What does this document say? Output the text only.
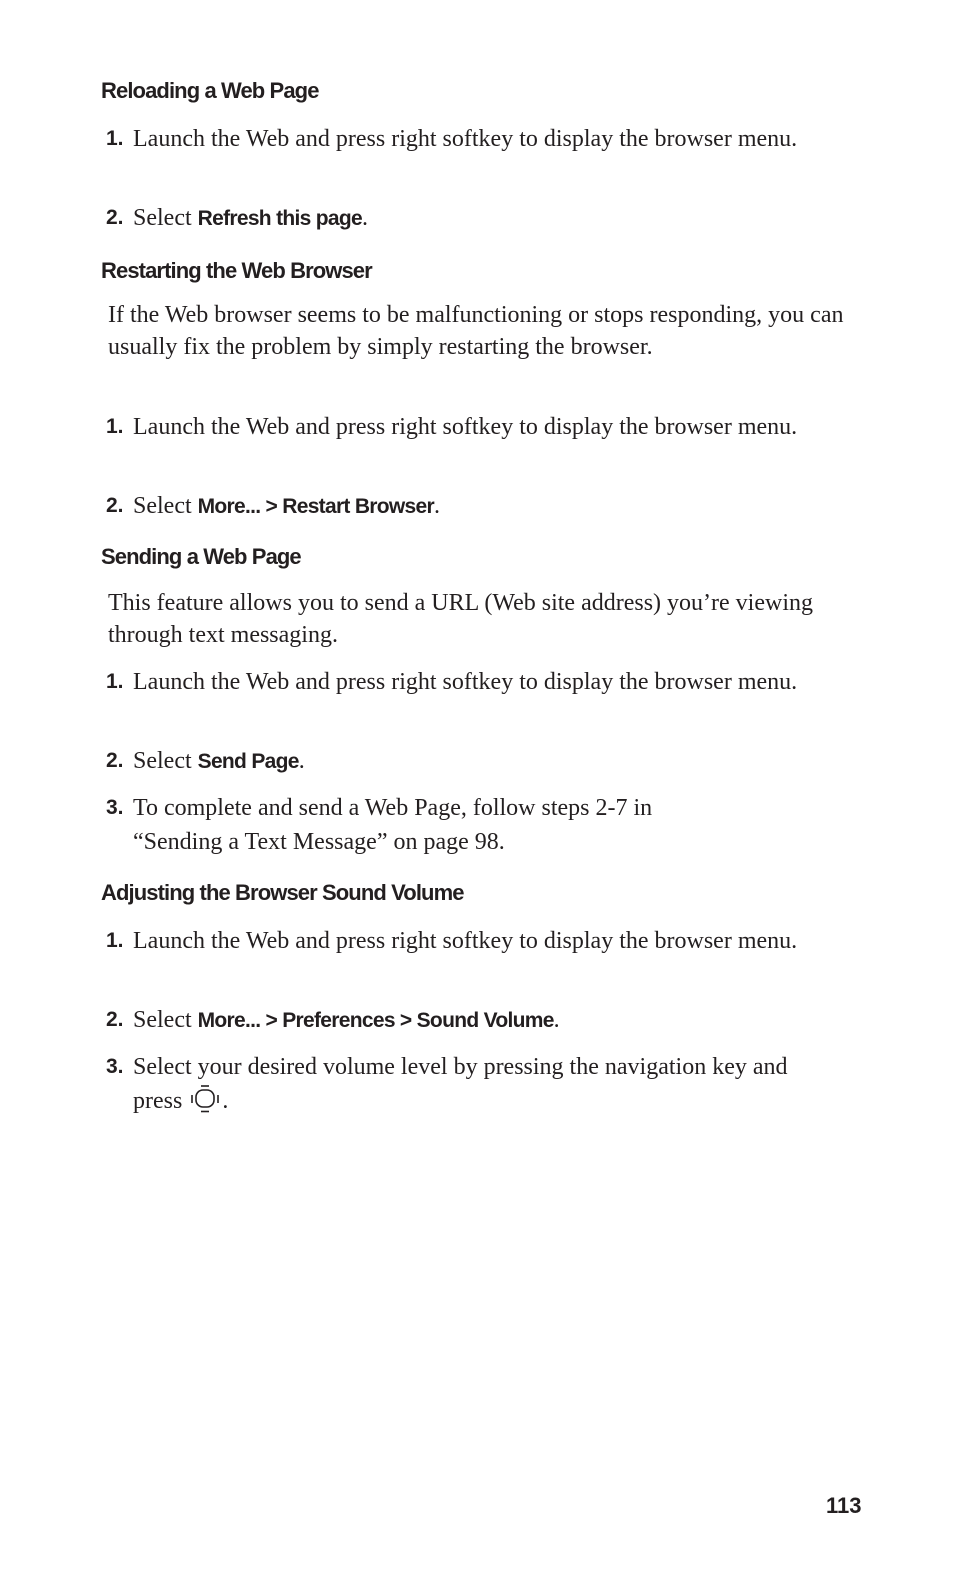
Reloading a Web Page
1. Launch the Web and press right softkey to display the browser menu.
2. Select Refresh this page.
Restarting the Web Browser
If the Web browser seems to be malfunctioning or stops responding, you can usually fix the problem by simply restarting the browser.
1. Launch the Web and press right softkey to display the browser menu.
2. Select More... > Restart Browser.
Sending a Web Page
This feature allows you to send a URL (Web site address) you’re viewing through text messaging.
1. Launch the Web and press right softkey to display the browser menu.
2. Select Send Page.
3. To complete and send a Web Page, follow steps 2-7 in “Sending a Text Message” on page 98.
Adjusting the Browser Sound Volume
1. Launch the Web and press right softkey to display the browser menu.
2. Select More... > Preferences > Sound Volume.
3. Select your desired volume level by pressing the navigation key and press .
113
